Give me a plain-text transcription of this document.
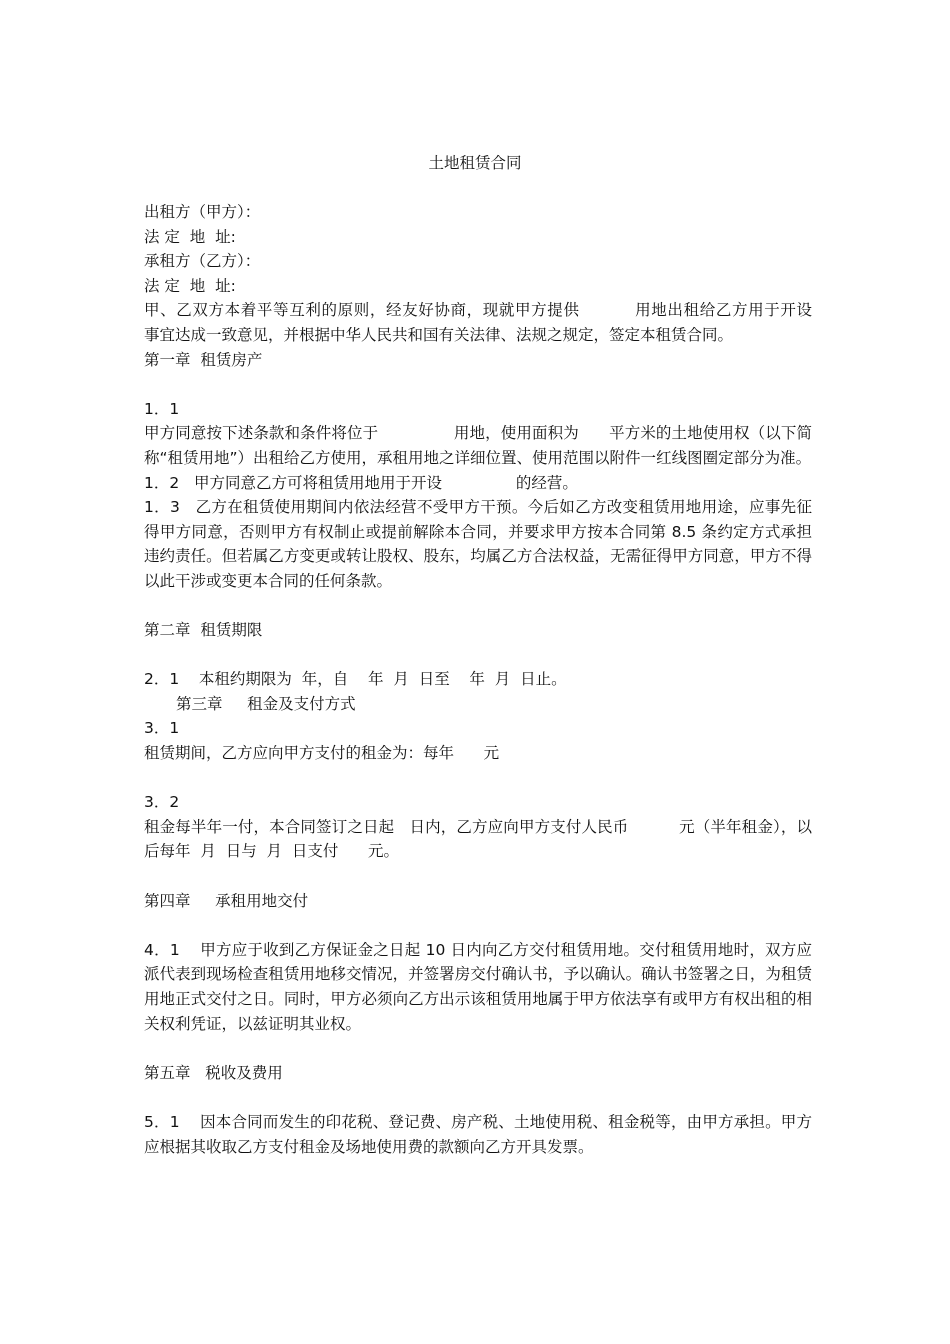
土地租赁合同

出租方（甲方）：

法 定  地  址:

承租方（乙方）：

法 定  地  址:

甲、乙双方本着平等互利的原则，经友好协商，现就甲方提供          用地出租给乙方用于开设            事宜达成一致意见，并根据中华人民共和国有关法律、法规之规定，签定本租赁合同。

第一章  租赁房产

1．1

甲方同意按下述条款和条件将位于               用地，使用面积为      平方米的土地使用权（以下简称“租赁用地”）出租给乙方使用，承租用地之详细位置、使用范围以附件一红线图圈定部分为准。

1．2   甲方同意乙方可将租赁用地用于开设               的经营。

1．3   乙方在租赁使用期间内依法经营不受甲方干预。今后如乙方改变租赁用地用途，应事先征得甲方同意，否则甲方有权制止或提前解除本合同，并要求甲方按本合同第 8.5 条约定方式承担违约责任。但若属乙方变更或转让股权、股东，均属乙方合法权益，无需征得甲方同意，甲方不得以此干涉或变更本合同的任何条款。

第二章  租赁期限

2．1    本租约期限为  年，自    年  月  日至    年  月  日止。

第三章     租金及支付方式

3．1

租赁期间，乙方应向甲方支付的租金为：每年      元

3．2

租金每半年一付，本合同签订之日起   日内，乙方应向甲方支付人民币          元（半年租金），以后每年  月  日与  月  日支付      元。

第四章     承租用地交付

4．1    甲方应于收到乙方保证金之日起 10 日内向乙方交付租赁用地。交付租赁用地时，双方应派代表到现场检查租赁用地移交情况，并签署房交付确认书，予以确认。确认书签署之日，为租赁用地正式交付之日。同时，甲方必须向乙方出示该租赁用地属于甲方依法享有或甲方有权出租的相关权利凭证，以兹证明其业权。

第五章   税收及费用

5．1    因本合同而发生的印花税、登记费、房产税、土地使用税、租金税等，由甲方承担。甲方应根据其收取乙方支付租金及场地使用费的款额向乙方开具发票。
